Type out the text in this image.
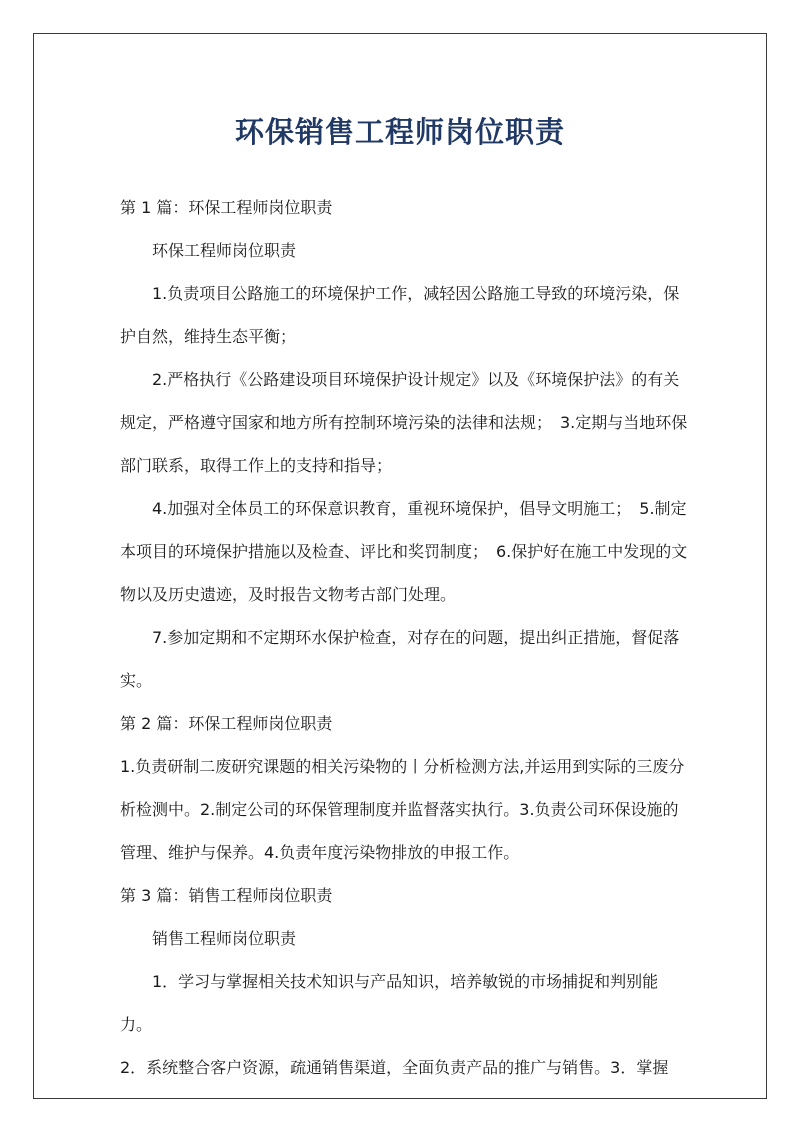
环保销售工程师岗位职责

第 1 篇：环保工程师岗位职责

环保工程师岗位职责

1.负责项目公路施工的环境保护工作，减轻因公路施工导致的环境污染，保护自然，维持生态平衡；

2.严格执行《公路建设项目环境保护设计规定》以及《环境保护法》的有关规定，严格遵守国家和地方所有控制环境污染的法律和法规；　3.定期与当地环保部门联系，取得工作上的支持和指导；

4.加强对全体员工的环保意识教育，重视环境保护，倡导文明施工；　5.制定本项目的环境保护措施以及检查、评比和奖罚制度；　6.保护好在施工中发现的文物以及历史遗迹，及时报告文物考古部门处理。

7.参加定期和不定期环水保护检查，对存在的问题，提出纠正措施，督促落实。

第 2 篇：环保工程师岗位职责

1.负责研制二废研究课题的相关污染物的丨分析检测方法,并运用到实际的三废分析检测中。2.制定公司的环保管理制度并监督落实执行。3.负责公司环保设施的管理、维护与保养。4.负责年度污染物排放的申报工作。

第 3 篇：销售工程师岗位职责

销售工程师岗位职责

1．学习与掌握相关技术知识与产品知识，培养敏锐的市场捕捉和判别能力。

2．系统整合客户资源，疏通销售渠道，全面负责产品的推广与销售。3．掌握
